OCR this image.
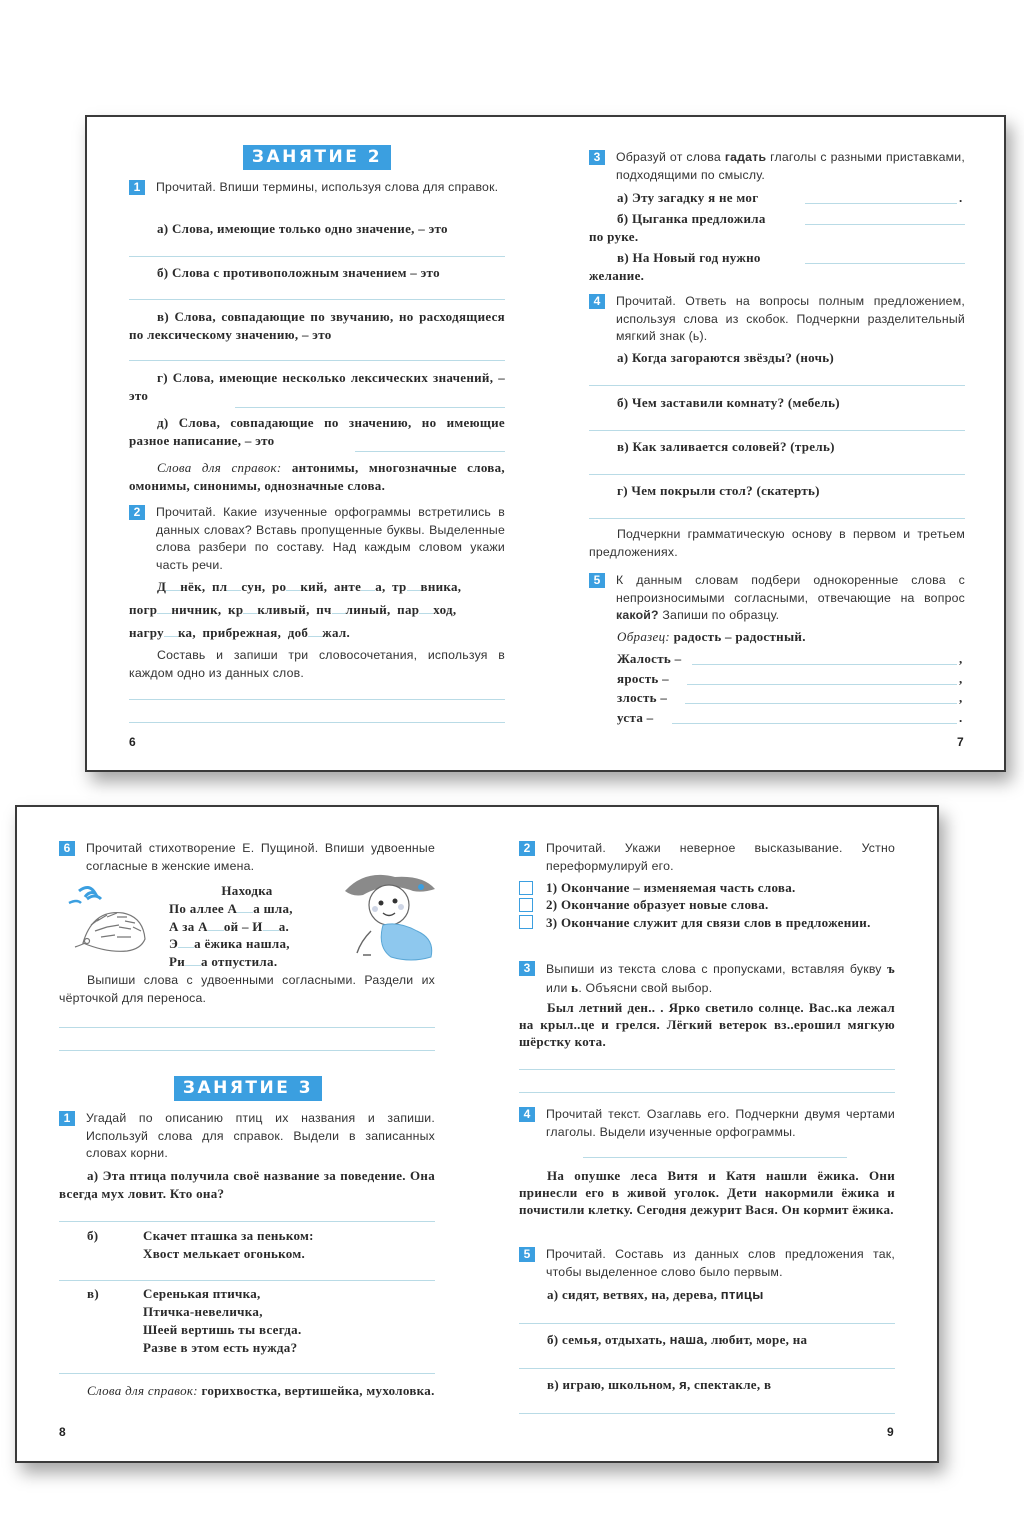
ЗАНЯТИЕ 2
1	Прочитай. Впиши термины, используя слова для справок.
а) Слова, имеющие только одно значение, – это
б) Слова с противоположным значением – это
в) Слова, совпадающие по звучанию, но расходящиеся по лексическому значению, – это
г) Слова, имеющие несколько лексических значений, – это
д) Слова, совпадающие по значению, но имеющие разное написание, – это
Слова для справок: антонимы, многозначные слова, омонимы, синонимы, однозначные слова.
2	Прочитай. Какие изученные орфограммы встретились в данных словах? Вставь пропущенные буквы. Выделенные слова разбери по составу. Над каждым словом укажи часть речи.
Д нёк, пл сун, ро кий, анте а, тр вника,
погр ничник, кр кливый, пч линый, пар ход,
нагру ка, прибрежная, доб жал.
Составь и запиши три словосочетания, используя в каждом одно из данных слов.
6
3	Образуй от слова гадать глаголы с разными приставками, подходящими по смыслу.
а) Эту загадку я не мог	.
б) Цыганка предложила
по руке.
в) На Новый год нужно
желание.
4	Прочитай. Ответь на вопросы полным предложением, используя слова из скобок. Подчеркни разделительный мягкий знак (ь).
а) Когда загораются звёзды? (ночь)
б) Чем заставили комнату? (мебель)
в) Как заливается соловей? (трель)
г) Чем покрыли стол? (скатерть)
Подчеркни грамматическую основу в первом и третьем предложениях.
5	К данным словам подбери однокоренные слова с непроизносимыми согласными, отвечающие на вопрос какой? Запиши по образцу.
Образец: радость – радостный.
Жалость –	,
ярость –	,
злость –	,
уста –	.
7
6	Прочитай стихотворение Е. Пущиной. Впиши удвоенные согласные в женские имена.
Находка
По аллее А а шла,
А за А ой – И а.
Э а ёжика нашла,
Ри а отпустила.
Выпиши слова с удвоенными согласными. Раздели их чёрточкой для переноса.
ЗАНЯТИЕ 3
1	Угадай по описанию птиц их названия и запиши. Используй слова для справок. Выдели в записанных словах корни.
а) Эта птица получила своё название за поведение. Она всегда мух ловит. Кто она?
б)	Скачет пташка за пеньком:
Хвост мелькает огоньком.
в)	Серенькая птичка,
Птичка-невеличка,
Шеей вертишь ты всегда.
Разве в этом есть нужда?
Слова для справок: горихвостка, вертишейка, мухоловка.
8
2	Прочитай. Укажи неверное высказывание. Устно переформулируй его.
1) Окончание – изменяемая часть слова.
2) Окончание образует новые слова.
3) Окончание служит для связи слов в предложении.
3	Выпиши из текста слова с пропусками, вставляя букву ъ или ь. Объясни свой выбор.
Был летний ден.. . Ярко светило солнце. Вас..ка лежал на крыл..це и грелся. Лёгкий ветерок вз..ерошил мягкую шёрстку кота.
4	Прочитай текст. Озаглавь его. Подчеркни двумя чертами глаголы. Выдели изученные орфограммы.
На опушке леса Витя и Катя нашли ёжика. Они принесли его в живой уголок. Дети накормили ёжика и почистили клетку. Сегодня дежурит Вася. Он кормит ёжика.
5	Прочитай. Составь из данных слов предложения так, чтобы выделенное слово было первым.
а) сидят, ветвях, на, дерева, птицы
б) семья, отдыхать, наша, любит, море, на
в) играю, школьном, я, спектакле, в
9
